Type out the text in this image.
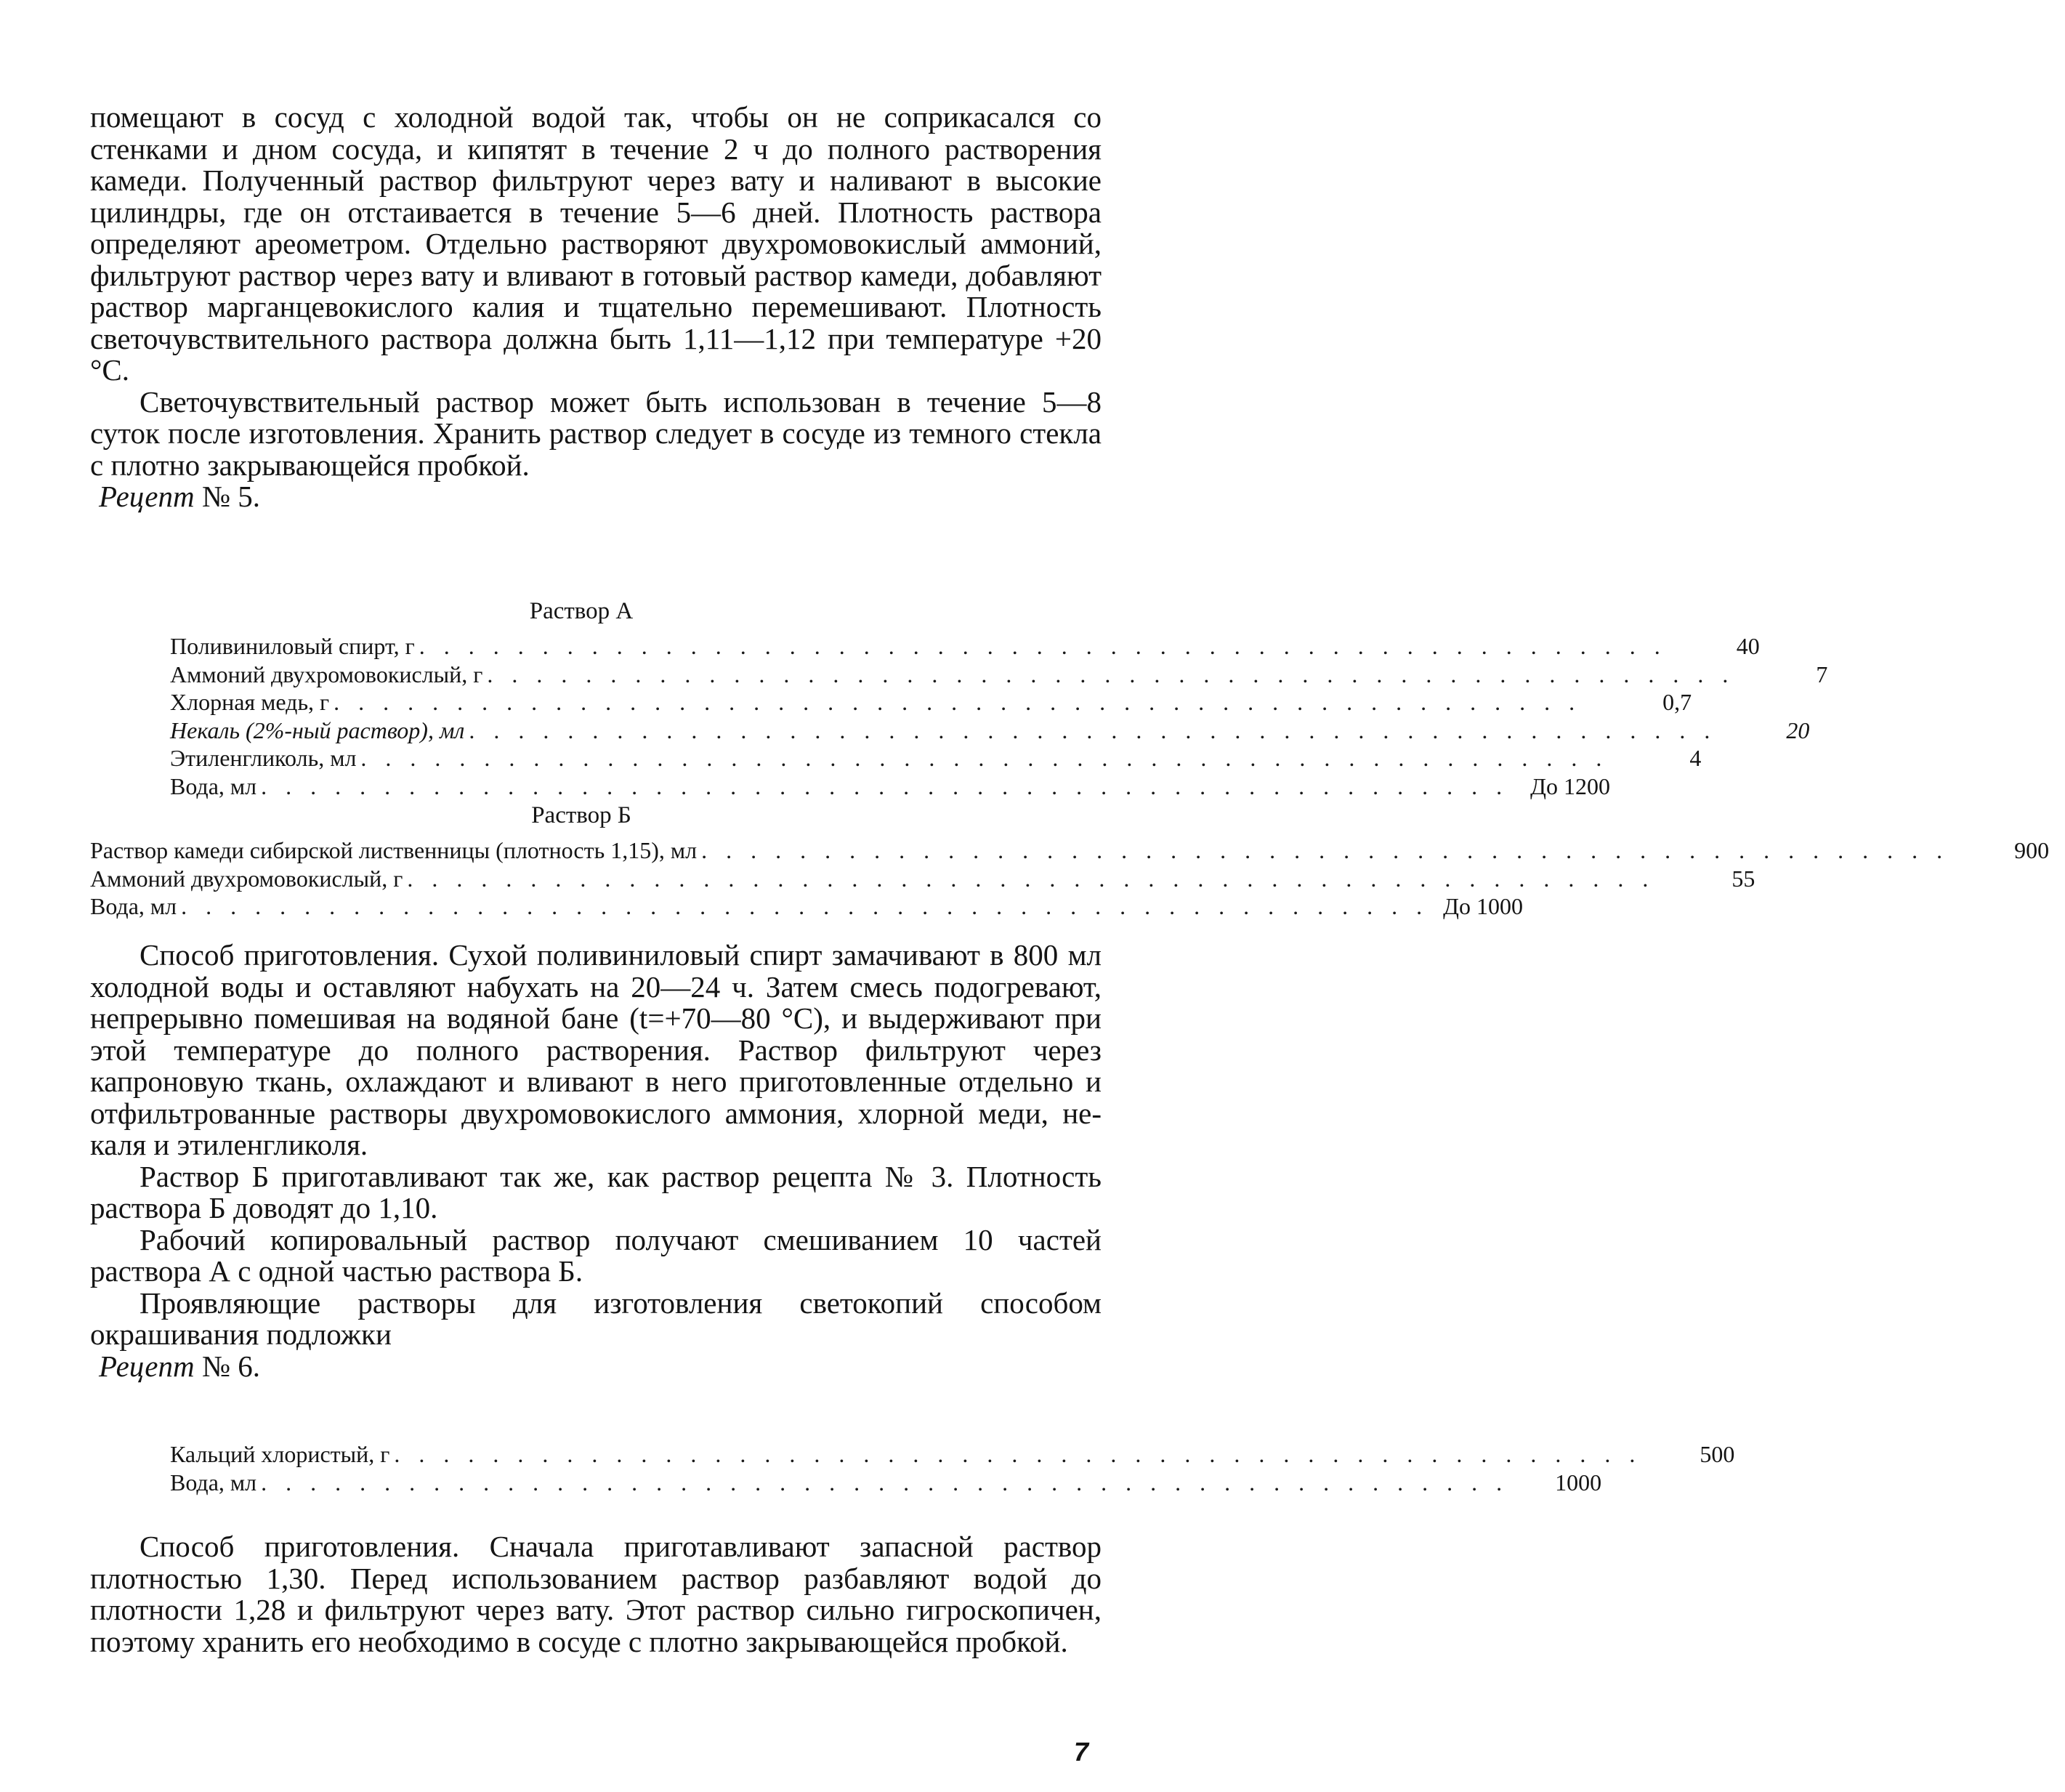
помещают в сосуд с холодной водой так, чтобы он не соприкасался со стенками и дном сосуда, и кипятят в течение 2 ч до полного растворения камеди. Полученный раствор фильтруют через вату и наливают в высокие цилиндры, где он отстаивается в течение 5—6 дней. Плотность раствора определяют ареометром. Отдельно растворяют двухромовокислый аммоний, фильтруют раствор через вату и вливают в готовый раствор камеди, добавляют раствор марганцевокислого калия и тщательно перемешивают. Плотность светочувствительного раствора должна быть 1,11—1,12 при температуре +20 °С.

Светочувствительный раствор может быть использован в течение 5—8 суток после изготовления. Хранить раствор следует в сосуде из темного стекла с плотно закрывающейся пробкой.

Рецепт № 5.

Раствор А
Поливиниловый спирт, г . . . . . . . . . . . . . . . . . . . . . . . . . . . . . . . . . . . . . . . . . . . . . . . . . . .	40
Аммоний двухромовокислый, г . . . . . . . . . . . . . . . . . . . . . . . . . . . . . . . . . . . . . . . . . . . . . . . . . . .	7
Хлорная медь, г . . . . . . . . . . . . . . . . . . . . . . . . . . . . . . . . . . . . . . . . . . . . . . . . . . .	0,7
Некаль (2%-ный раствор), мл . . . . . . . . . . . . . . . . . . . . . . . . . . . . . . . . . . . . . . . . . . . . . . . . . . .	20
Этиленгликоль, мл . . . . . . . . . . . . . . . . . . . . . . . . . . . . . . . . . . . . . . . . . . . . . . . . . . .	4
Вода, мл . . . . . . . . . . . . . . . . . . . . . . . . . . . . . . . . . . . . . . . . . . . . . . . . . . . До 1200
Раствор Б
Раствор камеди сибирской лиственницы (плотность 1,15), мл . . . . . . . . . . . . . . . . . . . . . . . . . . . . . . . . . . . . . . . . . . . . . . . . . . .	900
Аммоний двухромовокислый, г . . . . . . . . . . . . . . . . . . . . . . . . . . . . . . . . . . . . . . . . . . . . . . . . . . .	55
Вода, мл . . . . . . . . . . . . . . . . . . . . . . . . . . . . . . . . . . . . . . . . . . . . . . . . . . . До 1000

Способ приготовления. Сухой поливиниловый спирт замачивают в 800 мл холодной воды и оставляют набухать на 20—24 ч. Затем смесь подогревают, непрерывно помешивая на водяной бане (t=+70—80 °С), и выдерживают при этой температуре до полного растворения. Раствор фильтруют через капроновую ткань, охлаждают и вливают в него приготовленные отдельно и отфильтрованные растворы двухромовокислого аммония, хлорной меди, некаля и этиленгликоля.

Раствор Б приготавливают так же, как раствор рецепта № 3. Плотность раствора Б доводят до 1,10.

Рабочий копировальный раствор получают смешиванием 10 частей раствора А с одной частью раствора Б.

Проявляющие растворы для изготовления светокопий способом окрашивания подложки

Рецепт № 6.

Кальций хлористый, г . . . . . . . . . . . . . . . . . . . . . . . . . . . . . . . . . . . . . . . . . . . . . . . . . . .	500
Вода, мл . . . . . . . . . . . . . . . . . . . . . . . . . . . . . . . . . . . . . . . . . . . . . . . . . . .	1000

Способ приготовления. Сначала приготавливают запасной раствор плотностью 1,30. Перед использованием раствор разбавляют водой до плотности 1,28 и фильтруют через вату. Этот раствор сильно гигроскопичен, поэтому хранить его необходимо в сосуде с плотно закрывающейся пробкой.

7
